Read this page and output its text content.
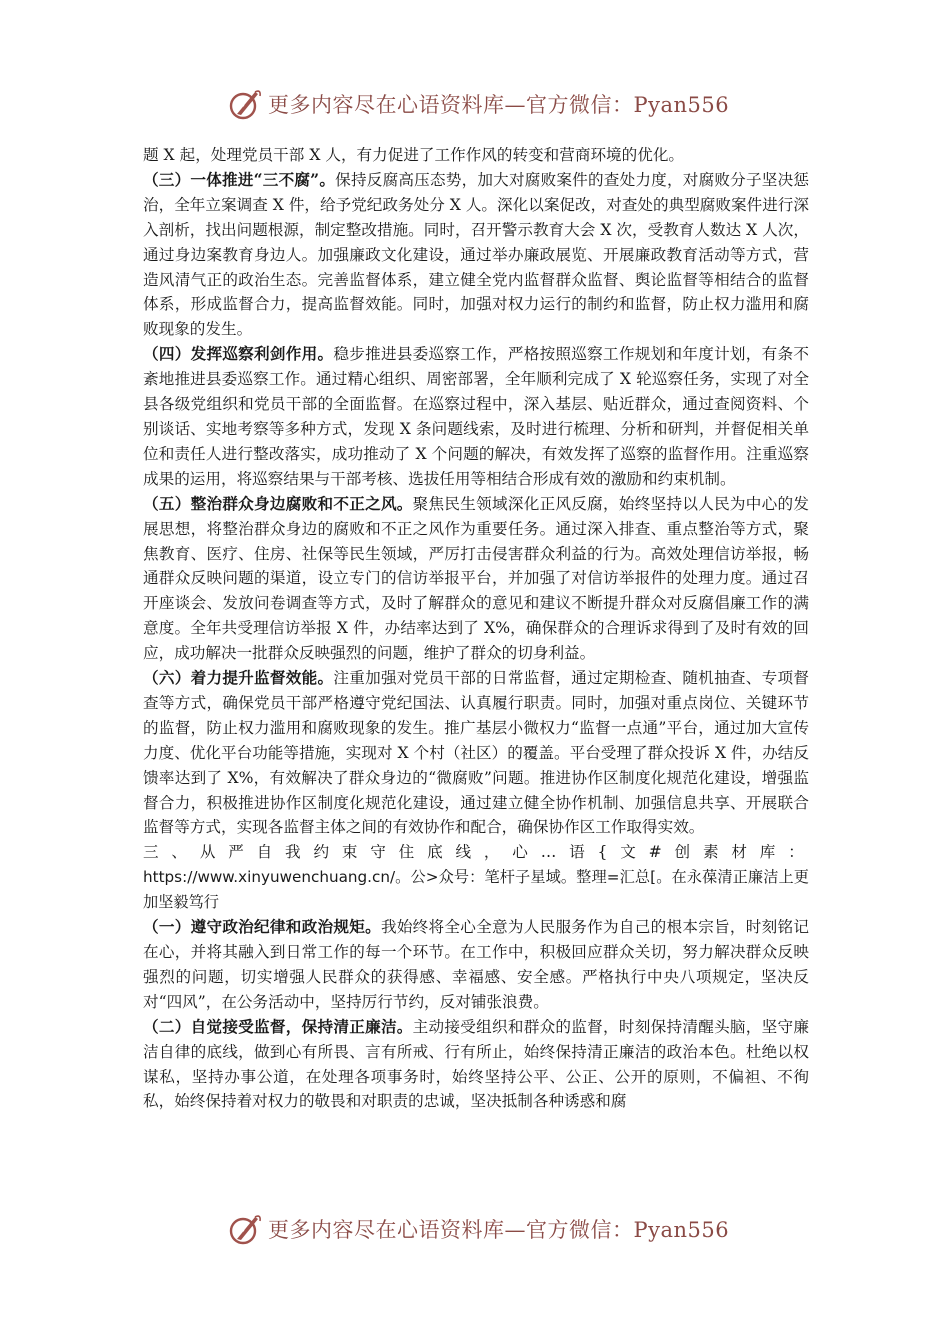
更多内容尽在心语资料库—官方微信：Pyan556

题 X 起，处理党员干部 X 人，有力促进了工作作风的转变和营商环境的优化。

（三）一体推进“三不腐”。保持反腐高压态势，加大对腐败案件的查处力度，对腐败分子坚决惩治，全年立案调查 X 件，给予党纪政务处分 X 人。深化以案促改，对查处的典型腐败案件进行深入剖析，找出问题根源，制定整改措施。同时，召开警示教育大会 X 次，受教育人数达 X 人次，通过身边案教育身边人。加强廉政文化建设，通过举办廉政展览、开展廉政教育活动等方式，营造风清气正的政治生态。完善监督体系，建立健全党内监督群众监督、舆论监督等相结合的监督体系，形成监督合力，提高监督效能。同时，加强对权力运行的制约和监督，防止权力滥用和腐败现象的发生。

（四）发挥巡察利剑作用。稳步推进县委巡察工作，严格按照巡察工作规划和年度计划，有条不紊地推进县委巡察工作。通过精心组织、周密部署，全年顺利完成了 X 轮巡察任务，实现了对全县各级党组织和党员干部的全面监督。在巡察过程中，深入基层、贴近群众，通过查阅资料、个别谈话、实地考察等多种方式，发现 X 条问题线索，及时进行梳理、分析和研判，并督促相关单位和责任人进行整改落实，成功推动了 X 个问题的解决，有效发挥了巡察的监督作用。注重巡察成果的运用，将巡察结果与干部考核、选拔任用等相结合形成有效的激励和约束机制。

（五）整治群众身边腐败和不正之风。聚焦民生领域深化正风反腐，始终坚持以人民为中心的发展思想，将整治群众身边的腐败和不正之风作为重要任务。通过深入排查、重点整治等方式，聚焦教育、医疗、住房、社保等民生领域，严厉打击侵害群众利益的行为。高效处理信访举报，畅通群众反映问题的渠道，设立专门的信访举报平台，并加强了对信访举报件的处理力度。通过召开座谈会、发放问卷调查等方式，及时了解群众的意见和建议不断提升群众对反腐倡廉工作的满意度。全年共受理信访举报 X 件，办结率达到了 X%，确保群众的合理诉求得到了及时有效的回应，成功解决一批群众反映强烈的问题，维护了群众的切身利益。

（六）着力提升监督效能。注重加强对党员干部的日常监督，通过定期检查、随机抽查、专项督查等方式，确保党员干部严格遵守党纪国法、认真履行职责。同时，加强对重点岗位、关键环节的监督，防止权力滥用和腐败现象的发生。推广基层小微权力“监督一点通”平台，通过加大宣传力度、优化平台功能等措施，实现对 X 个村（社区）的覆盖。平台受理了群众投诉 X 件，办结反馈率达到了 X%，有效解决了群众身边的“微腐败”问题。推进协作区制度化规范化建设，增强监督合力，积极推进协作区制度化规范化建设，通过建立健全协作机制、加强信息共享、开展联合监督等方式，实现各监督主体之间的有效协作和配合，确保协作区工作取得实效。

三、从严自我约束守住底线，心…语{文#创素材库：https://www.xinyuwenchuang.cn/。公>众号：笔杆子星域。整理=汇总[。在永葆清正廉洁上更加坚毅笃行

（一）遵守政治纪律和政治规矩。我始终将全心全意为人民服务作为自己的根本宗旨，时刻铭记在心，并将其融入到日常工作的每一个环节。在工作中，积极回应群众关切，努力解决群众反映强烈的问题，切实增强人民群众的获得感、幸福感、安全感。严格执行中央八项规定，坚决反对“四风”，在公务活动中，坚持厉行节约，反对铺张浪费。

（二）自觉接受监督，保持清正廉洁。主动接受组织和群众的监督，时刻保持清醒头脑，坚守廉洁自律的底线，做到心有所畏、言有所戒、行有所止，始终保持清正廉洁的政治本色。杜绝以权谋私，坚持办事公道，在处理各项事务时，始终坚持公平、公正、公开的原则，不偏袒、不徇私，始终保持着对权力的敬畏和对职责的忠诚，坚决抵制各种诱惑和腐

更多内容尽在心语资料库—官方微信：Pyan556
